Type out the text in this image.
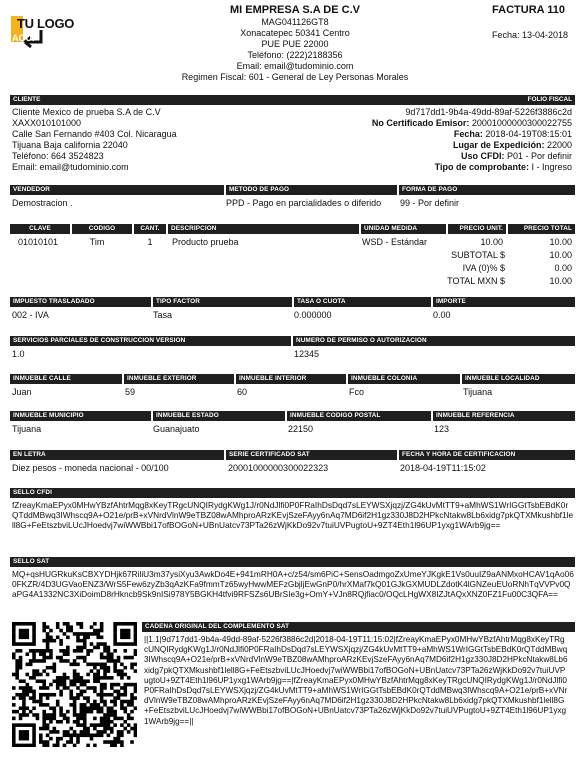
TU LOGO
AQUI
MI EMPRESA S.A DE C.V
MAG041126GT8
Xonacatepec 50341 Centro
PUE PUE 22000
Teléfono: (222)2188356
Email: email@tudominio.com
Regimen Fiscal: 601 - General de Ley Personas Morales
FACTURA 110
Fecha: 13-04-2018
CLIENTE	FOLIO FISCAL
Cliente Mexico de prueba S.A de C.V
XAXX010101000
Calle San Fernando #403 Col. Nicaragua
Tijuana Baja california 22040
Teléfono: 664 3524823
Email: email@tudominio.com
9d717dd1-9b4a-49dd-89af-5226f3886c2d
No Certificado Emisor: 20001000000300022755
Fecha: 2018-04-19T08:15:01
Lugar de Expedición: 22000
Uso CFDI: P01 - Por definir
Tipo de comprobante: I - Ingreso
VENDEDOR	METODO DE PAGO	FORMA DE PAGO
Demostracion .	PPD - Pago en parcialidades o diferido 99 - Por definir
CLAVE	CODIGO	CANT.	DESCRIPCION	UNIDAD MEDIDA	PRECIO UNIT.	PRECIO TOTAL
01010101	Tim	1	Producto prueba	WSD - Estándar	10.00	10.00
SUBTOTAL $	10.00
IVA (0)% $	0.00
TOTAL MXN $	10.00
IMPUESTO TRASLADADO	TIPO FACTOR	TASA O CUOTA	IMPORTE
002 - IVA	Tasa	0.000000	0.00
SERVICIOS PARCIALES DE CONSTRUCCION VERSION	NUMERO DE PERMISO O AUTORIZACION
1.0	12345
INMUEBLE CALLE	INMUEBLE EXTERIOR	INMUEBLE INTERIOR	INMUEBLE COLONIA	INMUEBLE LOCALIDAD
Juan	59	60	Fco	Tijuana
INMUEBLE MUNICIPIO	INMUEBLE ESTADO	INMUEBLE CODIGO POSTAL	INMUEBLE REFERENCIA
Tijuana	Guanajuato	22150	123
EN LETRA	SERIE CERTIFICADO SAT	FECHA Y HORA DE CERTIFICACION
Diez pesos - moneda nacional - 00/100	20001000000300022323	2018-04-19T11:15:02
SELLO CFDI
fZreayKmaEPyx0MHwYBzfAhtrMqg8xKeyTRgcUNQIRydgKWg1J/r0NdJlfi0P0FRaIhDsDqd7sLEYWSXjqzj/ZG4kUvMtTT9+aMhWS1WrIGGtTsbEBdK0rQTddMBwq3IWhscq9A+O21e/prB+xVNrdVlnW9eTBZ08wAMhproARzKEvjSzeFAyy6nAq7MD6if2H1gz330J8D2HPkcNtakw8Lb6xidg7pkQTXMkushbf1lell8G+FeEtszbviLUcJHoedvj7wiWWBbi17ofBOGoN+UBnUatcv73PTa26zWjKkDo92v7tuiUVPugtoU+9ZT4Eth1l96UP1yxg1WArb9jg==
SELLO SAT
MQ+qsHUGRkuKsCBXYDHjk67RiliU3m37ysiXyu3AwkDo4E+941mRH0A+c/z54/sm6PiC+SensOadmgoZxUmeYJKgkE1Vs0uuIZ9aANMxoHCAV1qAo060FKZR/4D3UGVaoENZ3/WrS5Few6zyZb3qAzKFa9fmmTz65wyHwwMEFzGbjljEwGnP0/hrXMaf7kQ01GJkGXMUDLZdotK4lGNZeuEUoRNhTqVVPv0QaPG4A1332NC3XiDoimD8rHkncb9Sk9nISi978Y5BGKH4tfvi9RFSZs6UBrSIe3g+OmY+VJn8RQjfiac0/OQcLHgWX8IZJtAQxXNZ0FZ1Fu00C3QFA==
CADENA ORIGINAL DEL COMPLEMENTO SAT
||1.1|9d717dd1-9b4a-49dd-89af-5226f3886c2d|2018-04-19T11:15:02|fZreayKmaEPyx0MHwYBzfAhtrMqg8xKeyTRgcUNQIRydgKWg1J/r0NdJlfi0P0FRaIhDsDqd7sLEYWSXjqzj/ZG4kUvMtTT9+aMhWS1WrIGGtTsbEBdK0rQTddMBwq3IWhscq9A+O21e/prB+xVNrdVlnW9eTBZ08wAMhproARzKEvjSzeFAyy6nAq7MD6if2H1gz330J8D2HPkcNtakw8Lb6xidg7pkQTXMkushbf1lell8G+FeEtszbviLUcJHoedvj7wiWWBbi17ofBOGoN+UBnUatcv73PTa26zWjKkDo92v7tuiUVPugtoU+9ZT4Eth1l96UP1yxg1WArb9jg==|fZreayKmaEPyx0MHwYBzfAhtrMqg8xKeyTRgcUNQIRydgKWg1J/r0NdJlfi0P0FRaIhDsDqd7sLEYWSXjqzj/ZG4kUvMtTT9+aMhWS1WrIGGtTsbEBdK0rQTddMBwq3IWhscq9A+O21e/prB+xVNrdVlnW9eTBZ08wAMhproARzKEvjSzeFAyy6nAq7MD6if2H1gz330J8D2HPkcNtakw8Lb6xidg7pkQTXMkushbf1lell8G+FeEtszbviLUcJHoedvj7wiWWBbi17ofBOGoN+UBnUatcv73PTa26zWjKkDo92v7tuiUVPugtoU+9ZT4Eth1l96UP1yxg1WArb9jg==||
